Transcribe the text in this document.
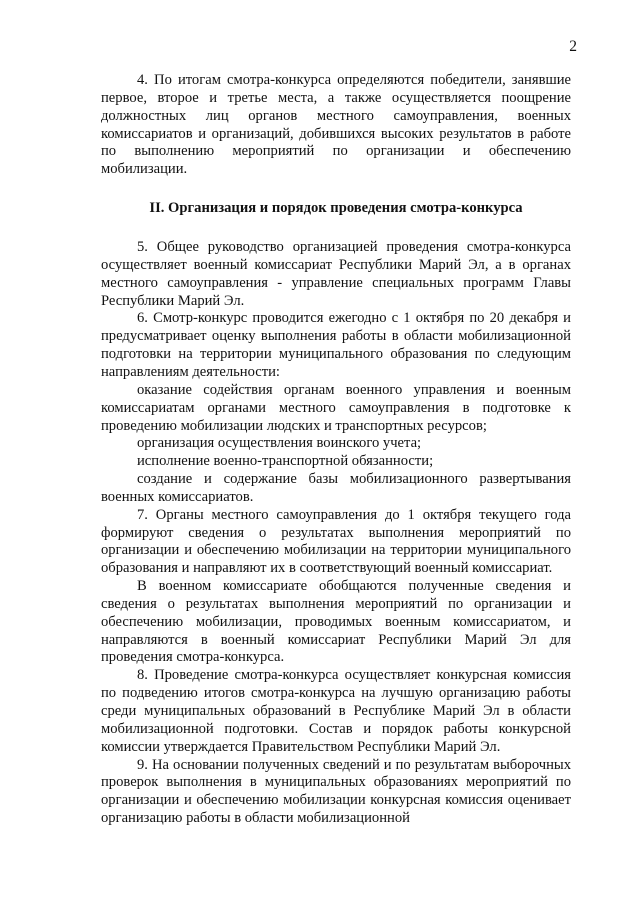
2

4. По итогам смотра-конкурса определяются победители, занявшие первое, второе и третье места, а также осуществляется поощрение должностных лиц органов местного самоуправления, военных комиссариатов и организаций, добившихся высоких результатов в работе по выполнению мероприятий по организации и обеспечению мобилизации.

II. Организация и порядок проведения смотра-конкурса

5. Общее руководство организацией проведения смотра-конкурса осуществляет военный комиссариат Республики Марий Эл, а в органах местного самоуправления - управление специальных программ Главы Республики Марий Эл.

6. Смотр-конкурс проводится ежегодно с 1 октября по 20 декабря и предусматривает оценку выполнения работы в области мобилизационной подготовки на территории муниципального образования по следующим направлениям деятельности:

оказание содействия органам военного управления и военным комиссариатам органами местного самоуправления в подготовке к проведению мобилизации людских и транспортных ресурсов;

организация осуществления воинского учета;

исполнение военно-транспортной обязанности;

создание и содержание базы мобилизационного развертывания военных комиссариатов.

7. Органы местного самоуправления до 1 октября текущего года формируют сведения о результатах выполнения мероприятий по организации и обеспечению мобилизации на территории муниципального образования и направляют их в соответствующий военный комиссариат.

В военном комиссариате обобщаются полученные сведения и сведения о результатах выполнения мероприятий по организации и обеспечению мобилизации, проводимых военным комиссариатом, и направляются в военный комиссариат Республики Марий Эл для проведения смотра-конкурса.

8. Проведение смотра-конкурса осуществляет конкурсная комиссия по подведению итогов смотра-конкурса на лучшую организацию работы среди муниципальных образований в Республике Марий Эл в области мобилизационной подготовки. Состав и порядок работы конкурсной комиссии утверждается Правительством Республики Марий Эл.

9. На основании полученных сведений и по результатам выборочных проверок выполнения в муниципальных образованиях мероприятий по организации и обеспечению мобилизации конкурсная комиссия оценивает организацию работы в области мобилизационной
